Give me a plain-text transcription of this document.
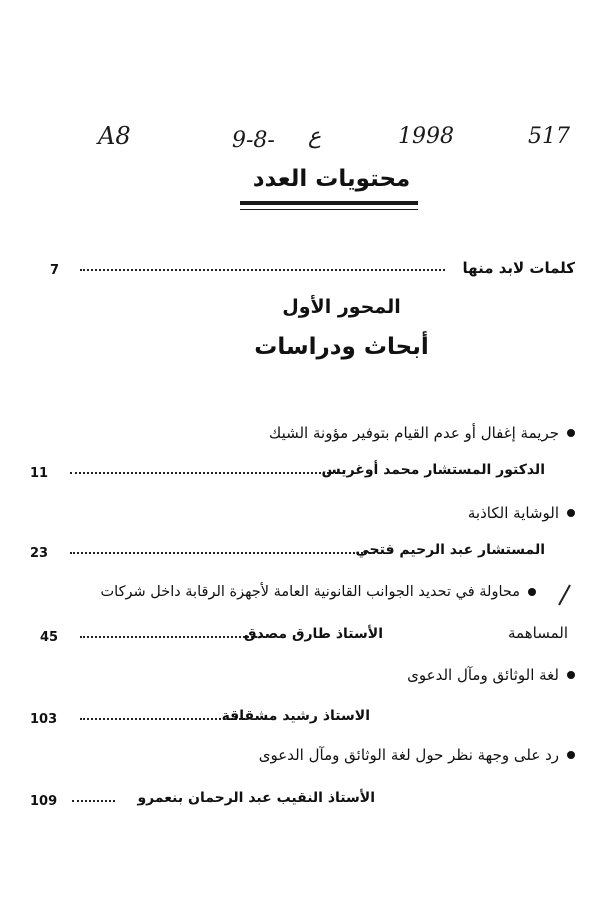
A8	9-8- ع	1998	517
محتويات العدد
7	كلمات لابد منها
المحور الأول
أبحاث ودراسات
جريمة إغفال أو عدم القيام بتوفير مؤونة الشيك
11	الدكتور المستشار محمد أوغريس
الوشاية الكاذبة
23	المستشار عبد الرحيم فتحي
محاولة في تحديد الجوانب القانونية العامة لأجهزة الرقابة داخل شركات
المساهمة
45	الأستاذ طارق مصدق
لغة الوثائق ومآل الدعوى
103	الاستاذ رشيد مشقاقة
رد على وجهة نظر حول لغة الوثائق ومآل الدعوى
109	الأستاذ النقيب عبد الرحمان بنعمرو
